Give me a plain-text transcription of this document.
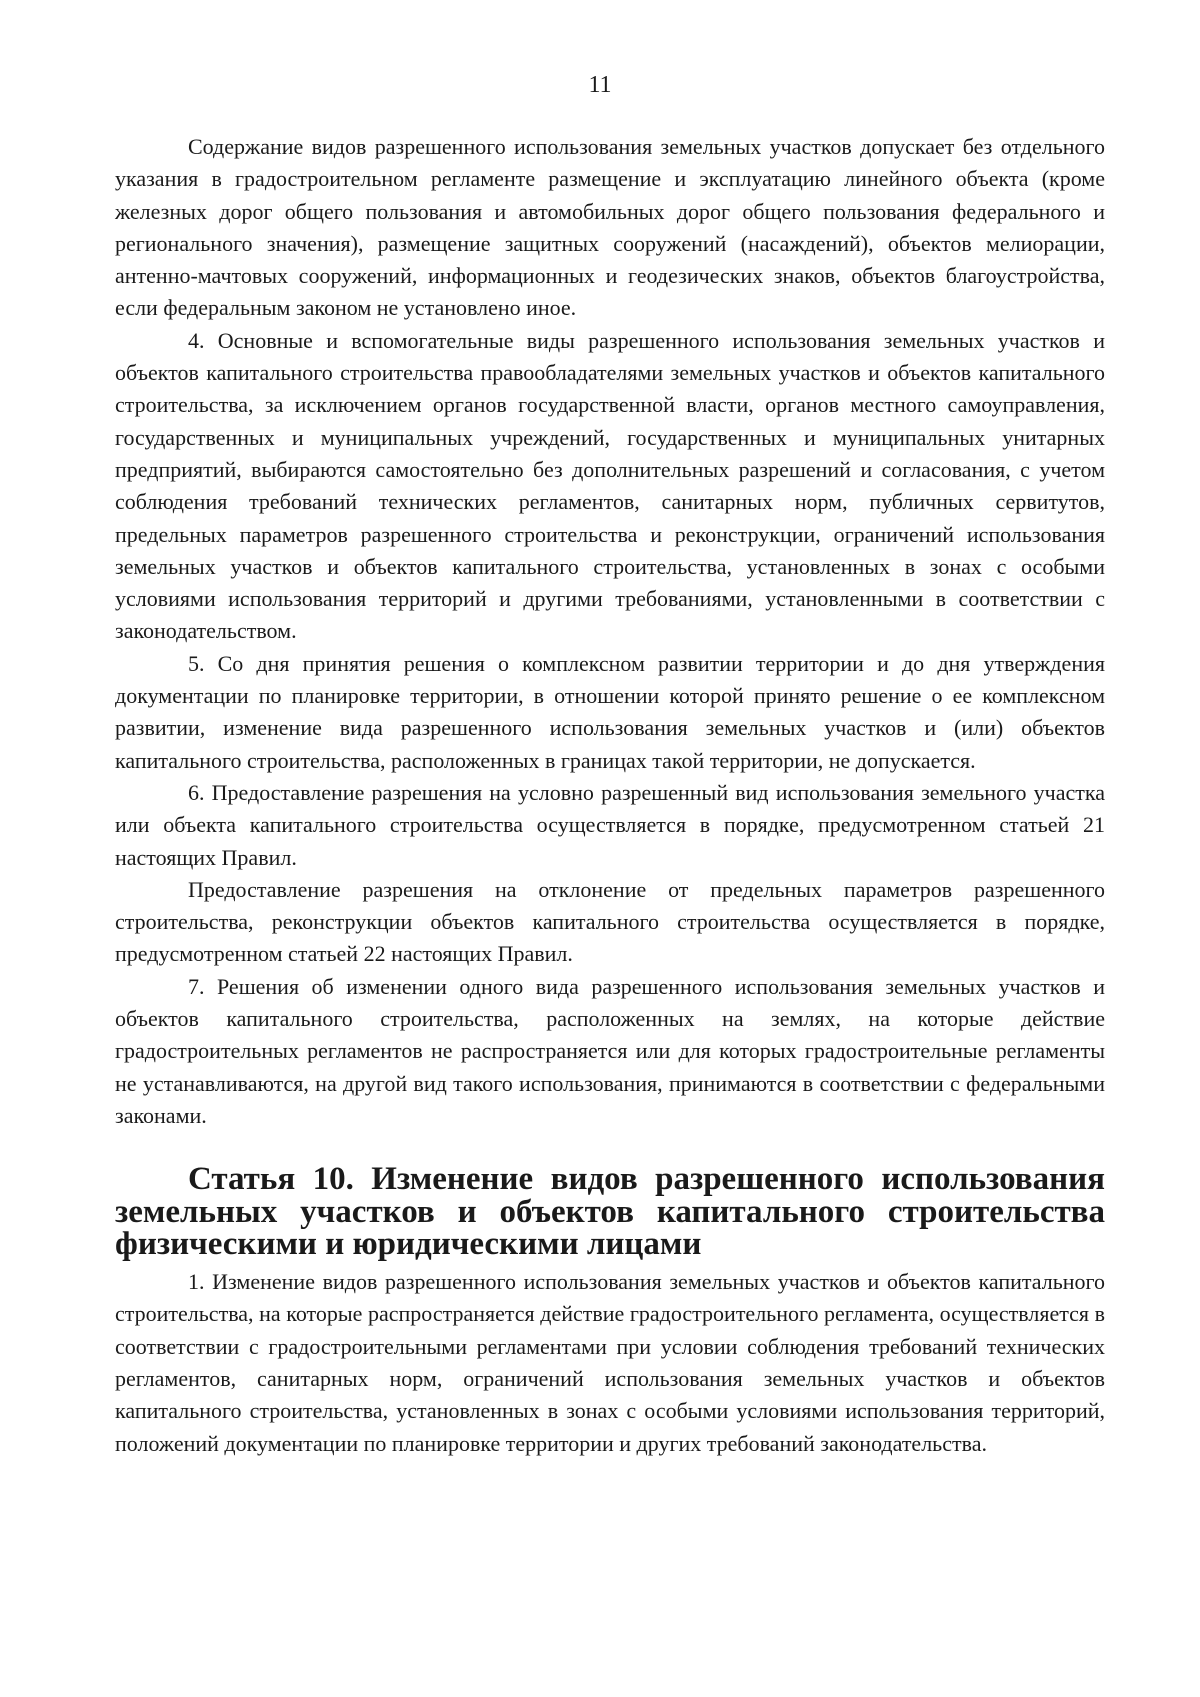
11

Содержание видов разрешенного использования земельных участков допускает без отдельного указания в градостроительном регламенте размещение и эксплуатацию линейного объекта (кроме железных дорог общего пользования и автомобильных дорог общего пользования федерального и регионального значения), размещение защитных сооружений (насаждений), объектов мелиорации, антенно-мачтовых сооружений, информационных и геодезических знаков, объектов благоустройства, если федеральным законом не установлено иное.

4. Основные и вспомогательные виды разрешенного использования земельных участков и объектов капитального строительства правообладателями земельных участков и объектов капитального строительства, за исключением органов государственной власти, органов местного самоуправления, государственных и муниципальных учреждений, государственных и муниципальных унитарных предприятий, выбираются самостоятельно без дополнительных разрешений и согласования, с учетом соблюдения требований технических регламентов, санитарных норм, публичных сервитутов, предельных параметров разрешенного строительства и реконструкции, ограничений использования земельных участков и объектов капитального строительства, установленных в зонах с особыми условиями использования территорий и другими требованиями, установленными в соответствии с законодательством.

5. Со дня принятия решения о комплексном развитии территории и до дня утверждения документации по планировке территории, в отношении которой принято решение о ее комплексном развитии, изменение вида разрешенного использования земельных участков и (или) объектов капитального строительства, расположенных в границах такой территории, не допускается.

6. Предоставление разрешения на условно разрешенный вид использования земельного участка или объекта капитального строительства осуществляется в порядке, предусмотренном статьей 21 настоящих Правил.

Предоставление разрешения на отклонение от предельных параметров разрешенного строительства, реконструкции объектов капитального строительства осуществляется в порядке, предусмотренном статьей 22 настоящих Правил.

7. Решения об изменении одного вида разрешенного использования земельных участков и объектов капитального строительства, расположенных на землях, на которые действие градостроительных регламентов не распространяется или для которых градостроительные регламенты не устанавливаются, на другой вид такого использования, принимаются в соответствии с федеральными законами.

Статья 10. Изменение видов разрешенного использования земельных участков и объектов капитального строительства физическими и юридическими лицами

1. Изменение видов разрешенного использования земельных участков и объектов капитального строительства, на которые распространяется действие градостроительного регламента, осуществляется в соответствии с градостроительными регламентами при условии соблюдения требований технических регламентов, санитарных норм, ограничений использования земельных участков и объектов капитального строительства, установленных в зонах с особыми условиями использования территорий, положений документации по планировке территории и других требований законодательства.
